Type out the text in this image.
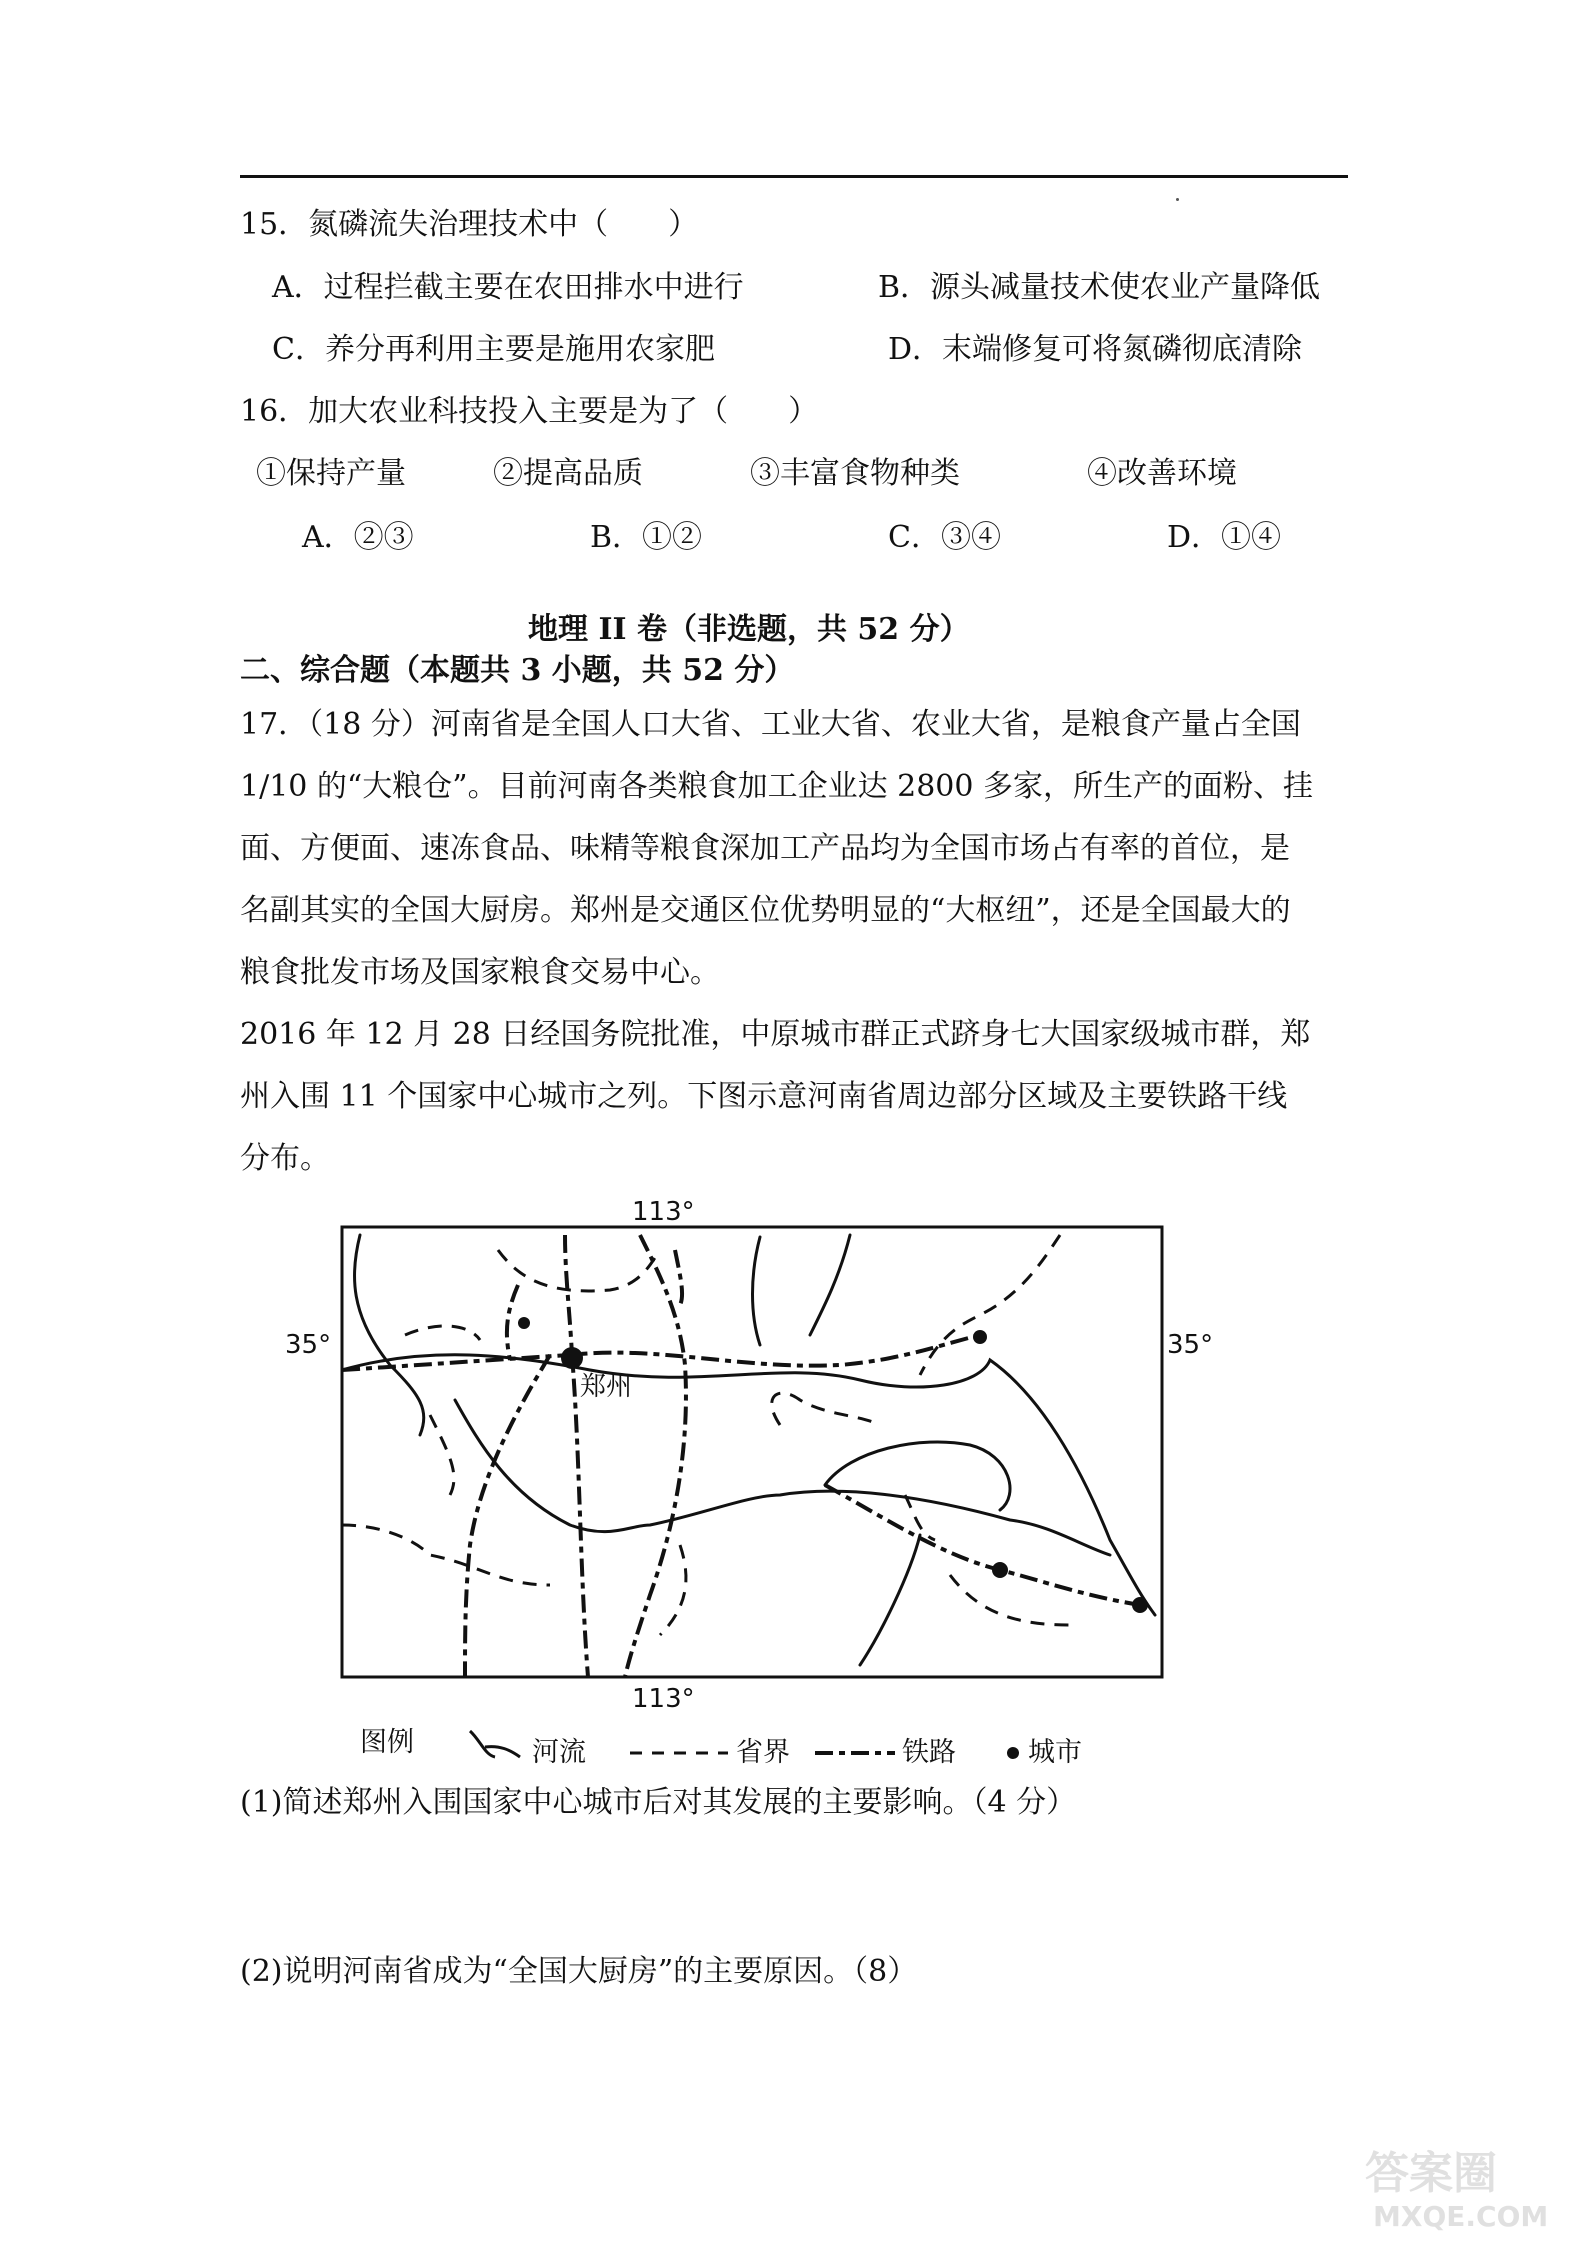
15．氮磷流失治理技术中（　　）
A．过程拦截主要在农田排水中进行	B．源头减量技术使农业产量降低
C．养分再利用主要是施用农家肥	D．末端修复可将氮磷彻底清除
16．加大农业科技投入主要是为了（　　）
①保持产量	②提高品质	③丰富食物种类	④改善环境
A．②③	B．①②	C．③④	D．①④
地理 II 卷（非选题，共 52 分）
二、综合题（本题共 3 小题，共 52 分）
17．（18 分）河南省是全国人口大省、工业大省、农业大省，是粮食产量占全国
1/10 的“大粮仓”。目前河南各类粮食加工企业达 2800 多家，所生产的面粉、挂
面、方便面、速冻食品、味精等粮食深加工产品均为全国市场占有率的首位，是
名副其实的全国大厨房。郑州是交通区位优势明显的“大枢纽”，还是全国最大的
粮食批发市场及国家粮食交易中心。
2016 年 12 月 28 日经国务院批准，中原城市群正式跻身七大国家级城市群，郑
州入围 11 个国家中心城市之列。下图示意河南省周边部分区域及主要铁路干线
分布。
113°
113°
35°	35°
郑州
图例	河流	省界	铁路	城市
(1)简述郑州入围国家中心城市后对其发展的主要影响。（4 分）
(2)说明河南省成为“全国大厨房”的主要原因。（8）
答案圈
MXQE.COM
